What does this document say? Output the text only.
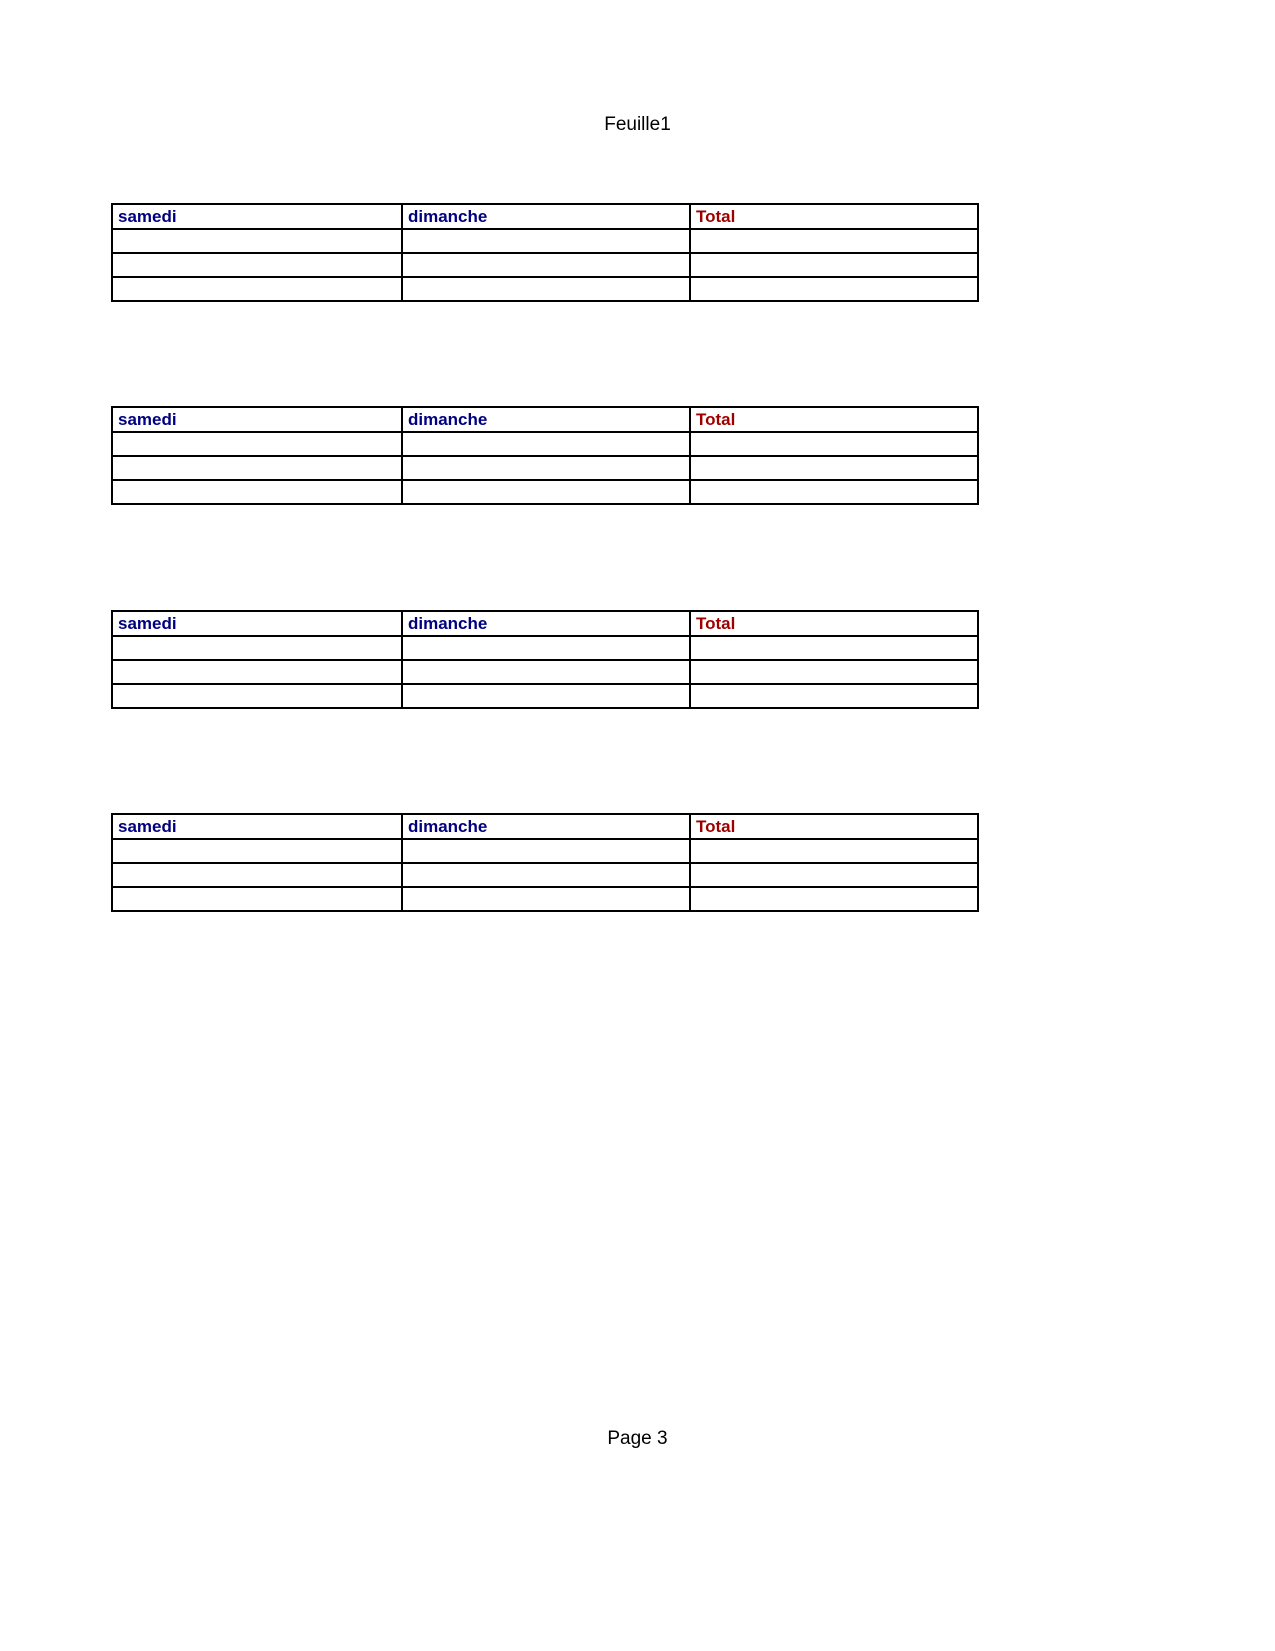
Feuille1
samedi	dimanche	Total

samedi	dimanche	Total

samedi	dimanche	Total

samedi	dimanche	Total

Page 3
